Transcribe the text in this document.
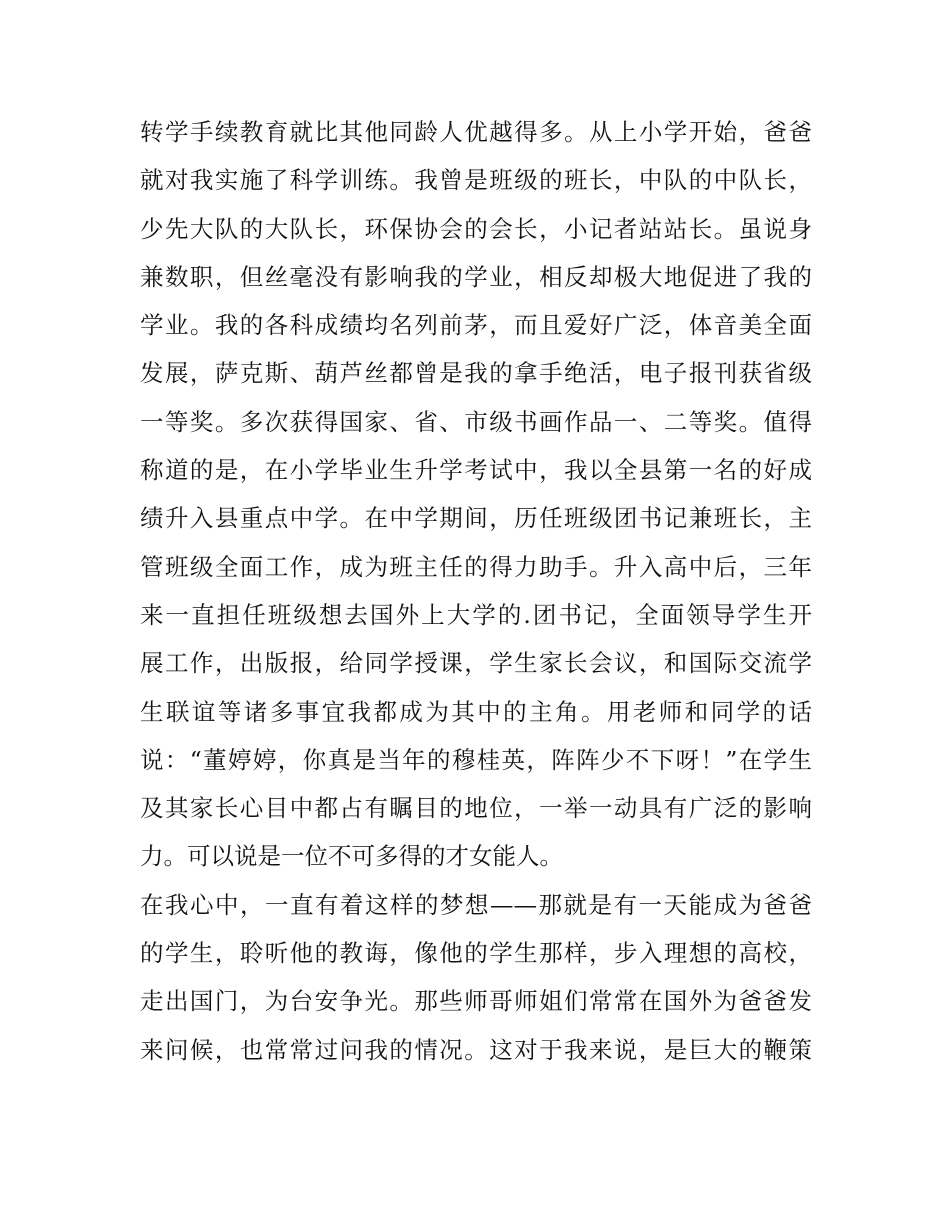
转学手续教育就比其他同龄人优越得多。从上小学开始，爸爸
就对我实施了科学训练。我曾是班级的班长，中队的中队长，
少先大队的大队长，环保协会的会长，小记者站站长。虽说身
兼数职，但丝毫没有影响我的学业，相反却极大地促进了我的
学业。我的各科成绩均名列前茅，而且爱好广泛，体音美全面
发展，萨克斯、葫芦丝都曾是我的拿手绝活，电子报刊获省级
一等奖。多次获得国家、省、市级书画作品一、二等奖。值得
称道的是，在小学毕业生升学考试中，我以全县第一名的好成
绩升入县重点中学。在中学期间，历任班级团书记兼班长，主
管班级全面工作，成为班主任的得力助手。升入高中后，三年
来一直担任班级想去国外上大学的.团书记，全面领导学生开
展工作，出版报，给同学授课，学生家长会议，和国际交流学
生联谊等诸多事宜我都成为其中的主角。用老师和同学的话
说：“董婷婷，你真是当年的穆桂英，阵阵少不下呀！”在学生
及其家长心目中都占有瞩目的地位，一举一动具有广泛的影响
力。可以说是一位不可多得的才女能人。
在我心中，一直有着这样的梦想——那就是有一天能成为爸爸
的学生，聆听他的教诲，像他的学生那样，步入理想的高校，
走出国门，为台安争光。那些师哥师姐们常常在国外为爸爸发
来问候，也常常过问我的情况。这对于我来说，是巨大的鞭策
